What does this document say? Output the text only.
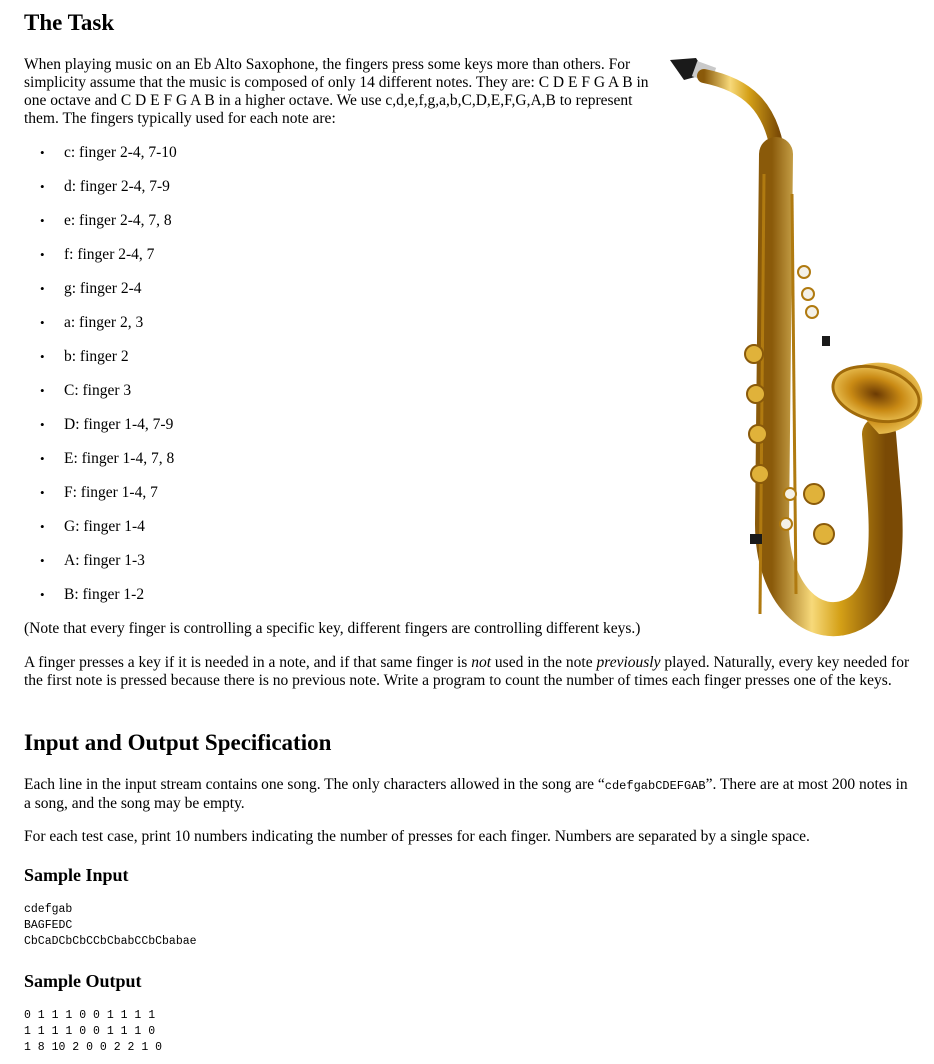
The Task

When playing music on an Eb Alto Saxophone, the fingers press some keys more than others. For simplicity assume that the music is composed of only 14 different notes. They are: C D E F G A B in one octave and C D E F G A B in a higher octave. We use c,d,e,f,g,a,b,C,D,E,F,G,A,B to represent them. The fingers typically used for each note are:

• c: finger 2-4, 7-10
• d: finger 2-4, 7-9
• e: finger 2-4, 7, 8
• f: finger 2-4, 7
• g: finger 2-4
• a: finger 2, 3
• b: finger 2
• C: finger 3
• D: finger 1-4, 7-9
• E: finger 1-4, 7, 8
• F: finger 1-4, 7
• G: finger 1-4
• A: finger 1-3
• B: finger 1-2

(Note that every finger is controlling a specific key, different fingers are controlling different keys.)

A finger presses a key if it is needed in a note, and if that same finger is not used in the note previously played. Naturally, every key needed for the first note is pressed because there is no previous note. Write a program to count the number of times each finger presses one of the keys.

Input and Output Specification

Each line in the input stream contains one song. The only characters allowed in the song are “cdefgabCDEFGAB”. There are at most 200 notes in a song, and the song may be empty.

For each test case, print 10 numbers indicating the number of presses for each finger. Numbers are separated by a single space.

Sample Input
cdefgab
BAGFEDC
CbCaDCbCbCCbCbabCCbCbabae
Sample Output
0 1 1 1 0 0 1 1 1 1
1 1 1 1 0 0 1 1 1 0
1 8 10 2 0 0 2 2 1 0
